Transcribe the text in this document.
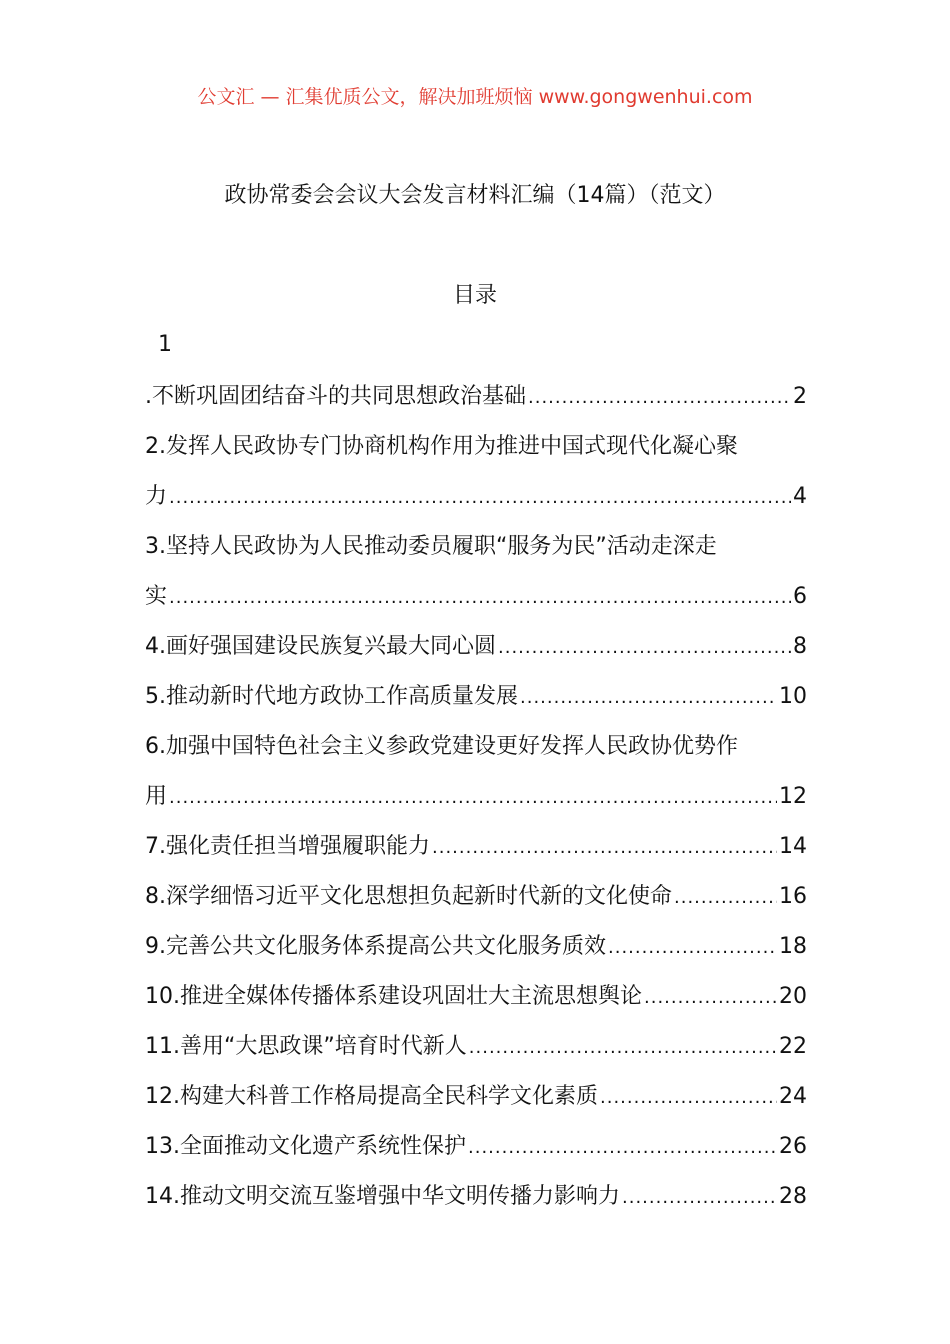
公文汇 — 汇集优质公文，解决加班烦恼 www.gongwenhui.com
政协常委会会议大会发言材料汇编（14篇）（范文）
目录
1
.不断巩固团结奋斗的共同思想政治基础 .....	2
2.发挥人民政协专门协商机构作用为推进中国式现代化凝心聚
力 .....	4
3.坚持人民政协为人民推动委员履职“服务为民”活动走深走
实 .....	6
4.画好强国建设民族复兴最大同心圆 .....	8
5.推动新时代地方政协工作高质量发展 .....	10
6.加强中国特色社会主义参政党建设更好发挥人民政协优势作
用 .....	12
7.强化责任担当增强履职能力 .....	14
8.深学细悟习近平文化思想担负起新时代新的文化使命 .....	16
9.完善公共文化服务体系提高公共文化服务质效 .....	18
10.推进全媒体传播体系建设巩固壮大主流思想舆论 .....	20
11.善用“大思政课”培育时代新人 .....	22
12.构建大科普工作格局提高全民科学文化素质 .....	24
13.全面推动文化遗产系统性保护 .....	26
14.推动文明交流互鉴增强中华文明传播力影响力 .....	28
